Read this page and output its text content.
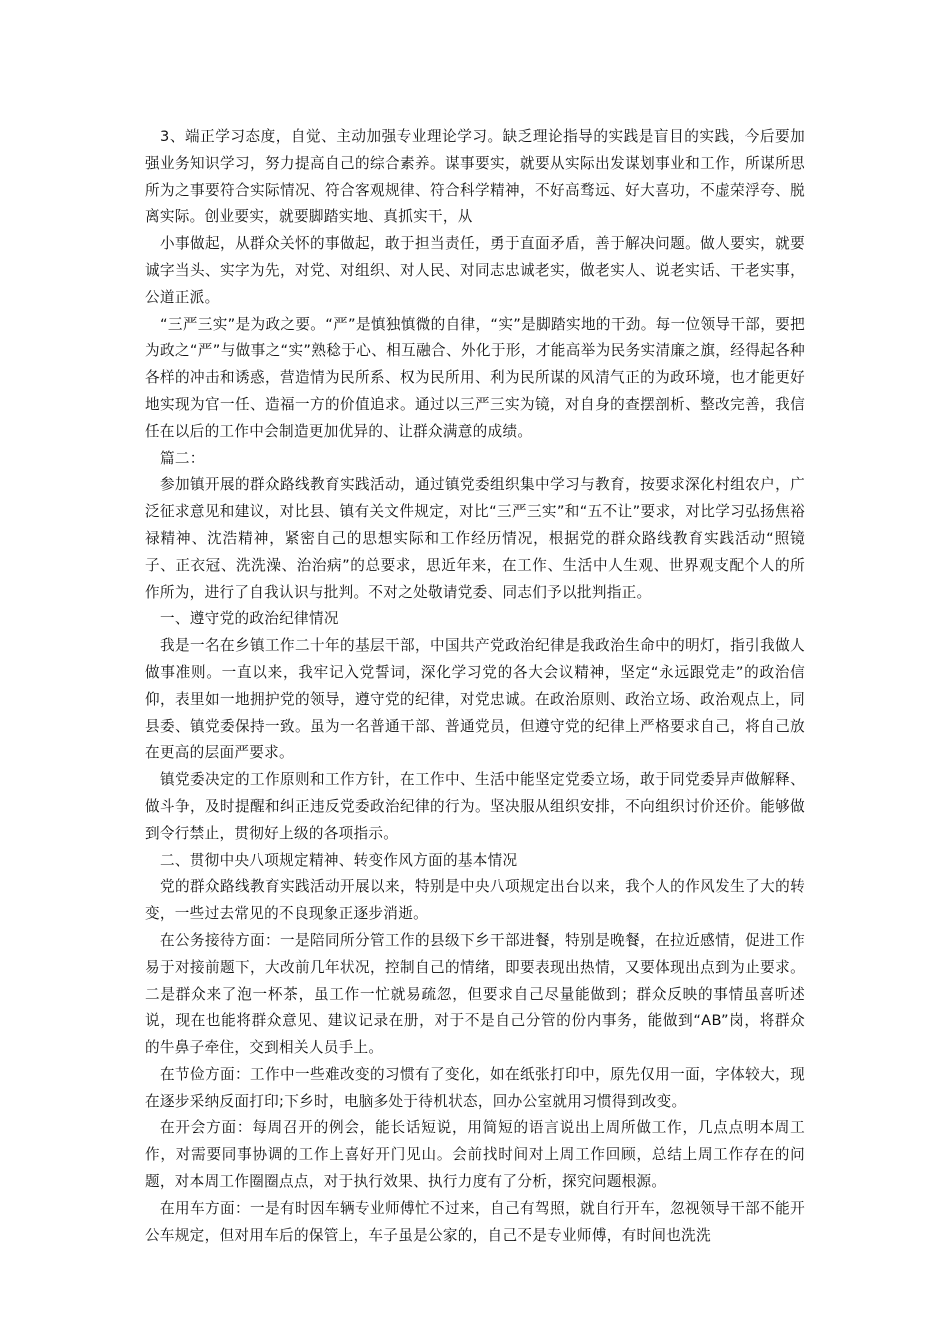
3、端正学习态度，自觉、主动加强专业理论学习。缺乏理论指导的实践是盲目的实践，今后要加强业务知识学习，努力提高自己的综合素养。谋事要实，就要从实际出发谋划事业和工作，所谋所思所为之事要符合实际情况、符合客观规律、符合科学精神，不好高骛远、好大喜功，不虚荣浮夸、脱离实际。创业要实，就要脚踏实地、真抓实干，从

小事做起，从群众关怀的事做起，敢于担当责任，勇于直面矛盾，善于解决问题。做人要实，就要诚字当头、实字为先，对党、对组织、对人民、对同志忠诚老实，做老实人、说老实话、干老实事，公道正派。

“三严三实”是为政之要。“严”是慎独慎微的自律，“实”是脚踏实地的干劲。每一位领导干部，要把为政之“严”与做事之“实”熟稔于心、相互融合、外化于形，才能高举为民务实清廉之旗，经得起各种各样的冲击和诱惑，营造情为民所系、权为民所用、利为民所谋的风清气正的为政环境，也才能更好地实现为官一任、造福一方的价值追求。通过以三严三实为镜，对自身的查摆剖析、整改完善，我信任在以后的工作中会制造更加优异的、让群众满意的成绩。

篇二：

参加镇开展的群众路线教育实践活动，通过镇党委组织集中学习与教育，按要求深化村组农户，广泛征求意见和建议，对比县、镇有关文件规定，对比“三严三实”和“五不让”要求，对比学习弘扬焦裕禄精神、沈浩精神，紧密自己的思想实际和工作经历情况，根据党的群众路线教育实践活动“照镜子、正衣冠、洗洗澡、治治病”的总要求，思近年来，在工作、生活中人生观、世界观支配个人的所作所为，进行了自我认识与批判。不对之处敬请党委、同志们予以批判指正。

一、遵守党的政治纪律情况

我是一名在乡镇工作二十年的基层干部，中国共产党政治纪律是我政治生命中的明灯，指引我做人做事准则。一直以来，我牢记入党誓词，深化学习党的各大会议精神，坚定“永远跟党走”的政治信仰，表里如一地拥护党的领导，遵守党的纪律，对党忠诚。在政治原则、政治立场、政治观点上，同县委、镇党委保持一致。虽为一名普通干部、普通党员，但遵守党的纪律上严格要求自己，将自己放在更高的层面严要求。

镇党委决定的工作原则和工作方针，在工作中、生活中能坚定党委立场，敢于同党委异声做解释、做斗争，及时提醒和纠正违反党委政治纪律的行为。坚决服从组织安排，不向组织讨价还价。能够做到令行禁止，贯彻好上级的各项指示。

二、贯彻中央八项规定精神、转变作风方面的基本情况

党的群众路线教育实践活动开展以来，特别是中央八项规定出台以来，我个人的作风发生了大的转变，一些过去常见的不良现象正逐步消逝。

在公务接待方面：一是陪同所分管工作的县级下乡干部进餐，特别是晚餐，在拉近感情，促进工作易于对接前题下，大改前几年状况，控制自己的情绪，即要表现出热情，又要体现出点到为止要求。二是群众来了泡一杯茶，虽工作一忙就易疏忽，但要求自己尽量能做到；群众反映的事情虽喜听述说，现在也能将群众意见、建议记录在册，对于不是自己分管的份内事务，能做到“AB”岗，将群众的牛鼻子牵住，交到相关人员手上。

在节俭方面：工作中一些难改变的习惯有了变化，如在纸张打印中，原先仅用一面，字体较大，现在逐步采纳反面打印;下乡时，电脑多处于待机状态，回办公室就用习惯得到改变。

在开会方面：每周召开的例会，能长话短说，用简短的语言说出上周所做工作，几点点明本周工作，对需要同事协调的工作上喜好开门见山。会前找时间对上周工作回顾，总结上周工作存在的问题，对本周工作圈圈点点，对于执行效果、执行力度有了分析，探究问题根源。

在用车方面：一是有时因车辆专业师傅忙不过来，自己有驾照，就自行开车，忽视领导干部不能开公车规定，但对用车后的保管上，车子虽是公家的，自己不是专业师傅，有时间也洗洗
